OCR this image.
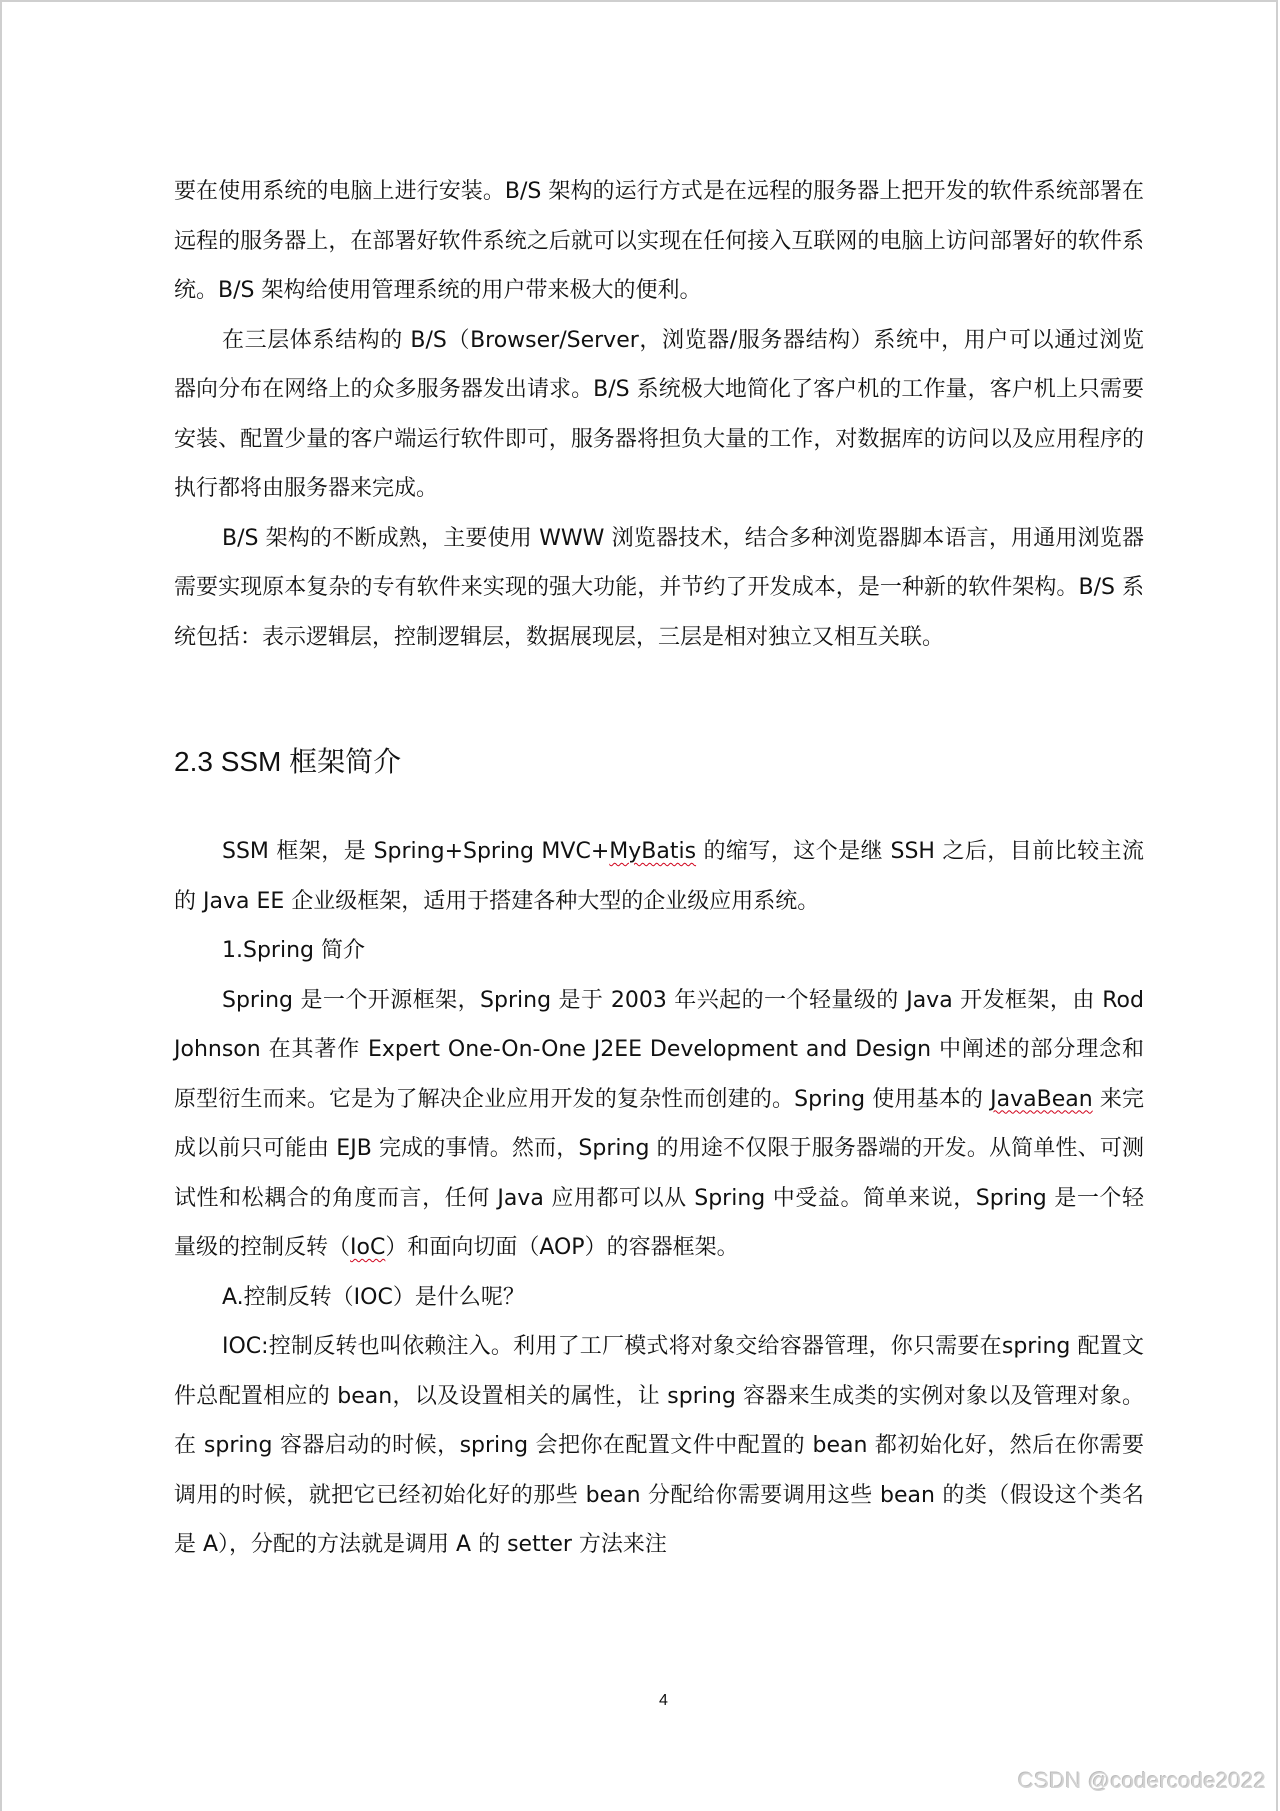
要在使用系统的电脑上进行安装。B/S 架构的运行方式是在远程的服务器上把开发的软件系统部署在远程的服务器上，在部署好软件系统之后就可以实现在任何接入互联网的电脑上访问部署好的软件系统。B/S 架构给使用管理系统的用户带来极大的便利。

在三层体系结构的 B/S（Browser/Server，浏览器/服务器结构）系统中，用户可以通过浏览器向分布在网络上的众多服务器发出请求。B/S 系统极大地简化了客户机的工作量，客户机上只需要安装、配置少量的客户端运行软件即可，服务器将担负大量的工作，对数据库的访问以及应用程序的执行都将由服务器来完成。

B/S 架构的不断成熟，主要使用 WWW 浏览器技术，结合多种浏览器脚本语言，用通用浏览器需要实现原本复杂的专有软件来实现的强大功能，并节约了开发成本，是一种新的软件架构。B/S 系统包括：表示逻辑层，控制逻辑层，数据展现层，三层是相对独立又相互关联。

2.3 SSM 框架简介

SSM 框架，是 Spring+Spring MVC+MyBatis 的缩写，这个是继 SSH 之后，目前比较主流的 Java EE 企业级框架，适用于搭建各种大型的企业级应用系统。

1.Spring 简介

Spring 是一个开源框架，Spring 是于 2003 年兴起的一个轻量级的 Java 开发框架，由 Rod Johnson 在其著作 Expert One-On-One J2EE Development and Design 中阐述的部分理念和原型衍生而来。它是为了解决企业应用开发的复杂性而创建的。Spring 使用基本的 JavaBean 来完成以前只可能由 EJB 完成的事情。然而，Spring 的用途不仅限于服务器端的开发。从简单性、可测试性和松耦合的角度而言，任何 Java 应用都可以从 Spring 中受益。简单来说，Spring 是一个轻量级的控制反转（IoC）和面向切面（AOP）的容器框架。

A.控制反转（IOC）是什么呢？

IOC:控制反转也叫依赖注入。利用了工厂模式将对象交给容器管理，你只需要在spring 配置文件总配置相应的 bean，以及设置相关的属性，让 spring 容器来生成类的实例对象以及管理对象。在 spring 容器启动的时候，spring 会把你在配置文件中配置的 bean 都初始化好，然后在你需要调用的时候，就把它已经初始化好的那些 bean 分配给你需要调用这些 bean 的类（假设这个类名是 A），分配的方法就是调用 A 的 setter 方法来注

4
CSDN @codercode2022
